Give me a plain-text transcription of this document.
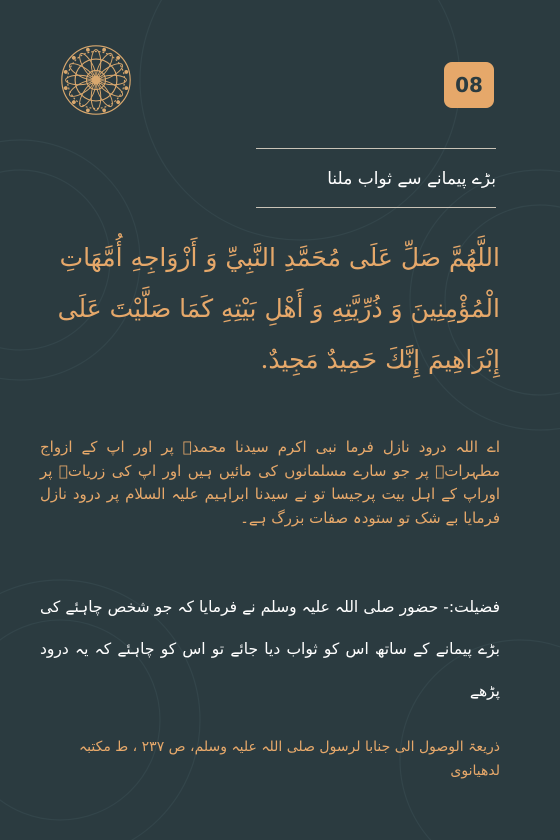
08
بڑے پیمانے سے ثواب ملنا
اللَّهُمَّ صَلِّ عَلَى مُحَمَّدِ النَّبِيِّ وَ أَزْوَاجِهِ أُمَّهَاتِ الْمُؤْمِنِينَ وَ ذُرِّيَّتِهِ وَ أَهْلِ بَيْتِهِ كَمَا صَلَّيْتَ عَلَى إِبْرَاهِيمَ إِنَّكَ حَمِيدٌ مَجِيدٌ.
اے اللہ درود نازل فرما نبی اکرم سیدنا محمدﷺ پر اور اپ کے ازواج مطہراتؓ پر جو سارے مسلمانوں کی مائیں ہیں اور اپ کی زریاتؓ پر اوراپ کے اہل بیت پرجیسا تو نے سیدنا ابراہیم علیہ السلام پر درود نازل فرمایا بے شک تو ستودہ صفات بزرگ ہے۔
فضیلت:- حضور صلی اللہ علیہ وسلم نے فرمایا کہ جو شخص چاہئے کی بڑے پیمانے کے ساتھ اس کو ثواب دیا جائے تو اس کو چاہئے کہ یہ درود پڑھے
ذریعۃ الوصول الی جنابا لرسول صلی اللہ علیہ وسلم، ص ۲۳۷ ، ط مکتبہ لدھیانوی
